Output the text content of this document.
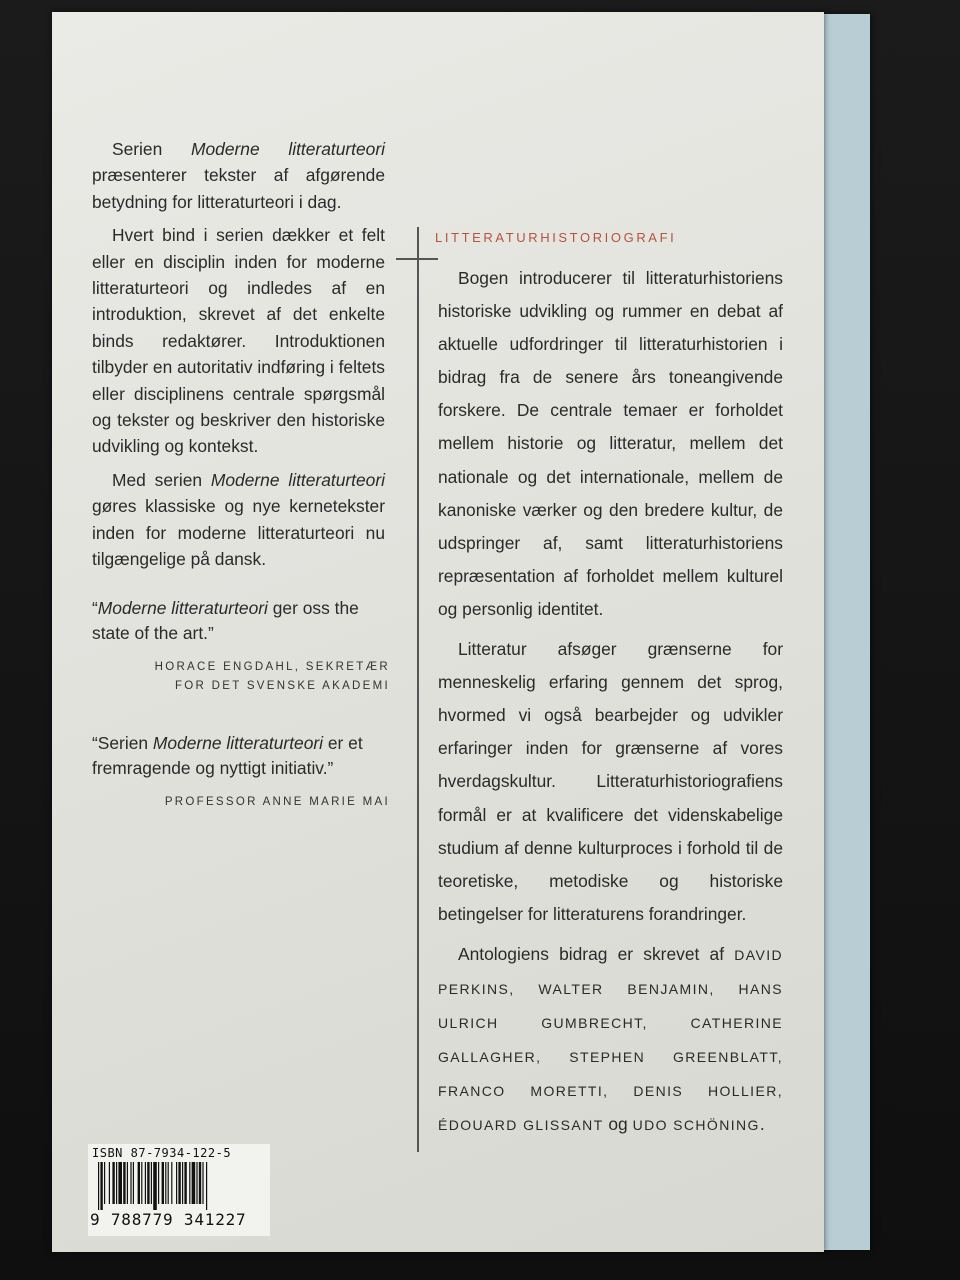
Serien Moderne litteraturteori præsenterer tekster af afgørende betydning for litteraturteori i dag.

Hvert bind i serien dækker et felt eller en disciplin inden for moderne litteraturteori og indledes af en introduktion, skrevet af det enkelte binds redaktører. Introduktionen tilbyder en autoritativ indføring i feltets eller disciplinens centrale spørgsmål og tekster og beskriver den historiske udvikling og kontekst.

Med serien Moderne litteraturteori gøres klassiske og nye kernetekster inden for moderne litteraturteori nu tilgængelige på dansk.

“Moderne litteraturteori ger oss the state of the art.”

HORACE ENGDAHL, SEKRETÆR
FOR DET SVENSKE AKADEMI

“Serien Moderne litteraturteori er et fremragende og nyttigt initiativ.”

PROFESSOR ANNE MARIE MAI
LITTERATURHISTORIOGRAFI

Bogen introducerer til litteraturhistoriens historiske udvikling og rummer en debat af aktuelle udfordringer til litteraturhistorien i bidrag fra de senere års toneangivende forskere. De centrale temaer er forholdet mellem historie og litteratur, mellem det nationale og det internationale, mellem de kanoniske værker og den bredere kultur, de udspringer af, samt litteraturhistoriens repræsentation af forholdet mellem kulturel og personlig identitet.

Litteratur afsøger grænserne for menneskelig erfaring gennem det sprog, hvormed vi også bearbejder og udvikler erfaringer inden for grænserne af vores hverdagskultur. Litteraturhistoriografiens formål er at kvalificere det videnskabelige studium af denne kulturproces i forhold til de teoretiske, metodiske og historiske betingelser for litteraturens forandringer.

Antologiens bidrag er skrevet af DAVID PERKINS, WALTER BENJAMIN, HANS ULRICH GUMBRECHT, CATHERINE GALLAGHER, STEPHEN GREENBLATT, FRANCO MORETTI, DENIS HOLLIER, ÉDOUARD GLISSANT og UDO SCHÖNING.

ISBN 87-7934-122-5
9 788779 341227
